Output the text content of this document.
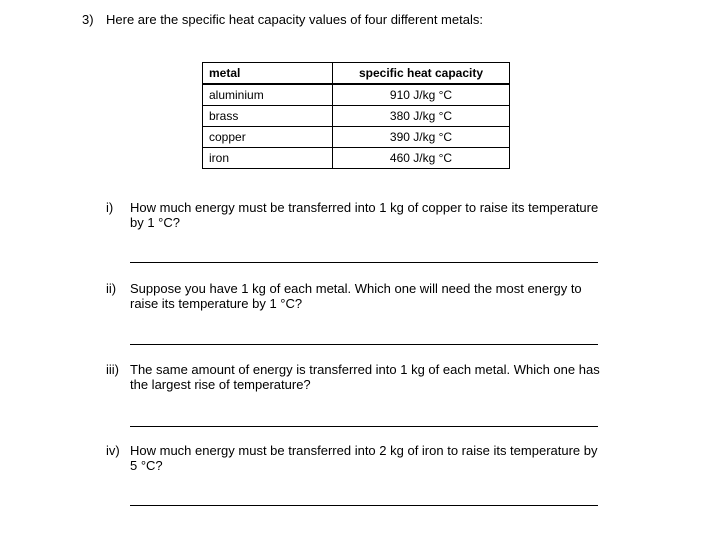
3) Here are the specific heat capacity values of four different metals:
metal	specific heat capacity
aluminium	910 J/kg °C
brass	380 J/kg °C
copper	390 J/kg °C
iron	460 J/kg °C
i) How much energy must be transferred into 1 kg of copper to raise its temperature
by 1 °C?
ii) Suppose you have 1 kg of each metal. Which one will need the most energy to
raise its temperature by 1 °C?
iii) The same amount of energy is transferred into 1 kg of each metal. Which one has
the largest rise of temperature?
iv) How much energy must be transferred into 2 kg of iron to raise its temperature by
5 °C?
